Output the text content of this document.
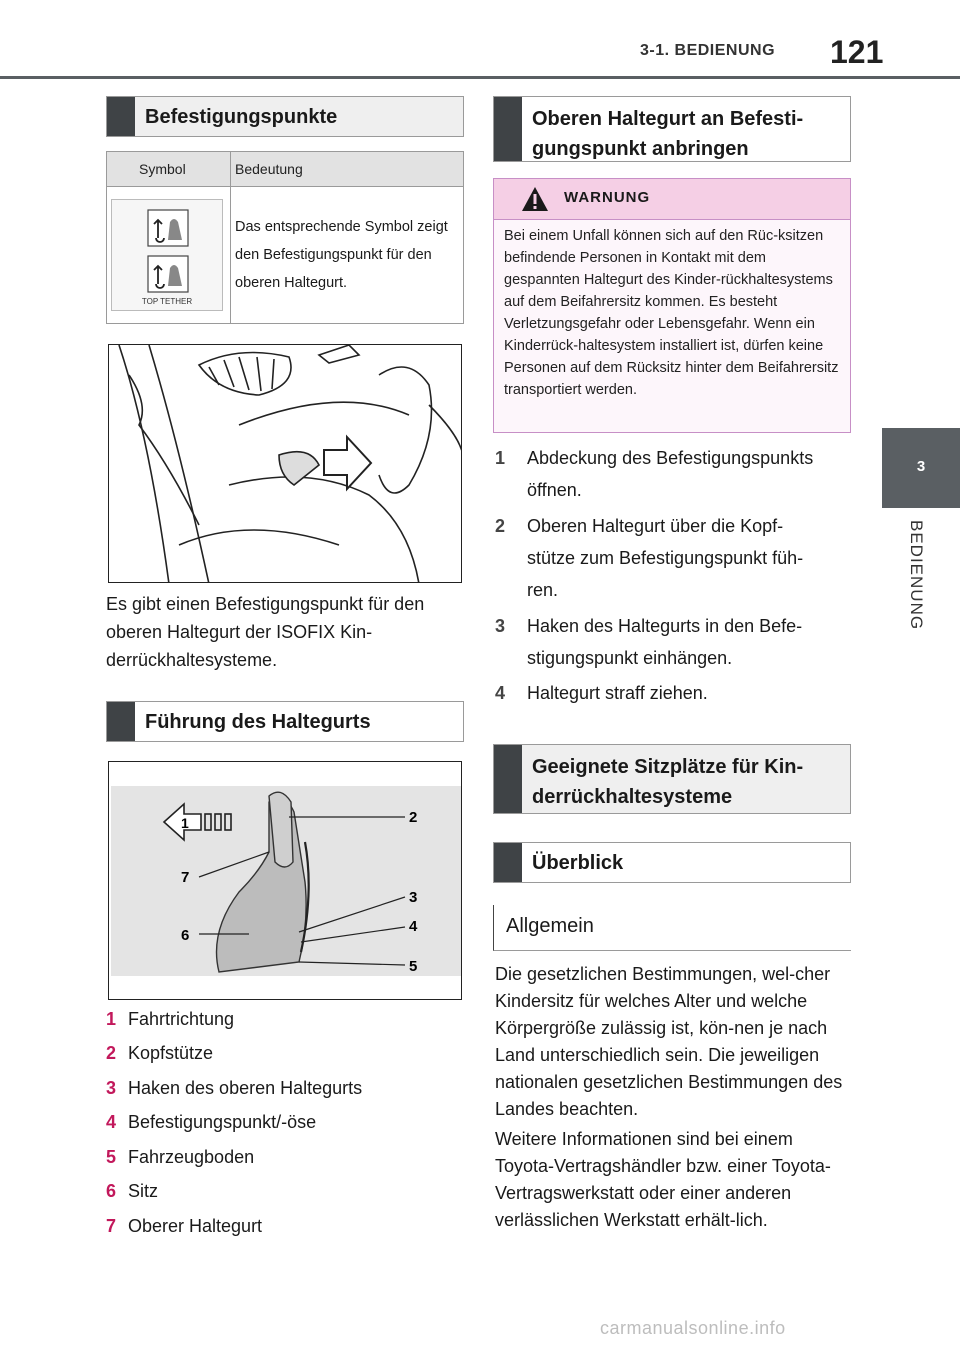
3-1. BEDIENUNG 121
3
BEDIENUNG
Befestigungspunkte
Symbol	Bedeutung

TOP TETHER	Das entsprechende Symbol zeigt den Befestigungspunkt für den oberen Haltegurt.
Es gibt einen Befestigungspunkt für den oberen Haltegurt der ISOFIX Kin-derrückhaltesysteme.
Führung des Haltegurts
1	2
3
4
5
6
7
1 Fahrtrichtung
2 Kopfstütze
3 Haken des oberen Haltegurts
4 Befestigungspunkt/-öse
5 Fahrzeugboden
6 Sitz
7 Oberer Haltegurt
Oberen Haltegurt an Befesti-gungspunkt anbringen
WARNUNG
Bei einem Unfall können sich auf den Rüc-ksitzen befindende Personen in Kontakt mit dem gespannten Haltegurt des Kinder-rückhaltesystems auf dem Beifahrersitz kommen. Es besteht Verletzungsgefahr oder Lebensgefahr. Wenn ein Kinderrück-haltesystem installiert ist, dürfen keine Personen auf dem Rücksitz hinter dem Beifahrersitz transportiert werden.
1 Abdeckung des Befestigungspunkts
öffnen.
2 Oberen Haltegurt über die Kopf-
stütze zum Befestigungspunkt füh-
ren.
3 Haken des Haltegurts in den Befe-
stigungspunkt einhängen.
4 Haltegurt straff ziehen.
Geeignete Sitzplätze für Kin-derrückhaltesysteme
Überblick
Allgemein
Die gesetzlichen Bestimmungen, wel-cher Kindersitz für welches Alter und welche Körpergröße zulässig ist, kön-nen je nach Land unterschiedlich sein. Die jeweiligen nationalen gesetzlichen Bestimmungen des Landes beachten.
Weitere Informationen sind bei einem Toyota-Vertragshändler bzw. einer Toyota-Vertragswerkstatt oder einer anderen verlässlichen Werkstatt erhält-lich.
carmanualsonline.info
